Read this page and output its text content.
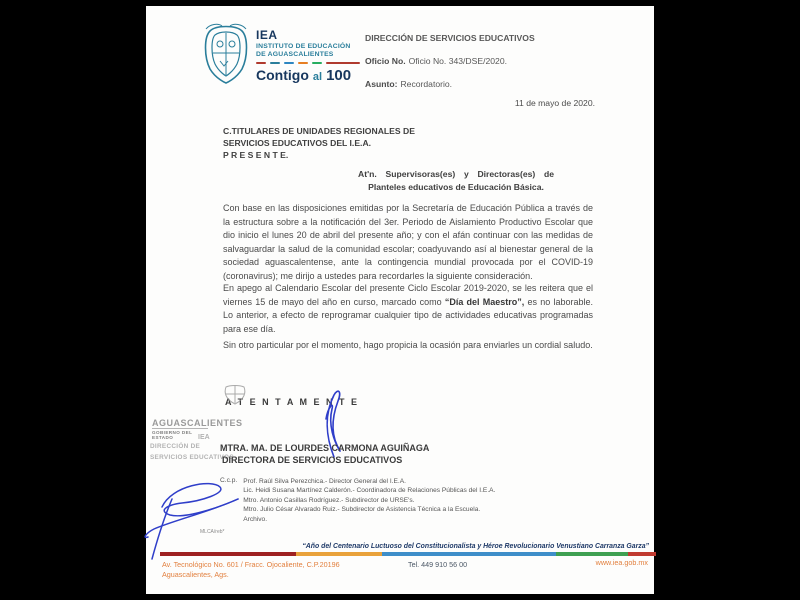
IEA
INSTITUTO DE EDUCACIÓN
DE AGUASCALIENTES
Contigo al 100
DIRECCIÓN DE SERVICIOS EDUCATIVOS
Oficio No. Oficio No. 343/DSE/2020.
Asunto: Recordatorio.
11 de mayo de 2020.
C.TITULARES DE UNIDADES REGIONALES DE
SERVICIOS EDUCATIVOS DEL I.E.A.
P R E S E N T E.
At'n. Supervisoras(es) y Directoras(es) de
Planteles educativos de Educación Básica.
Con base en las disposiciones emitidas por la Secretaría de Educación Pública a través de la estructura sobre a la notificación del 3er. Periodo de Aislamiento Productivo Escolar que dio inicio el lunes 20 de abril del presente año; y con el afán continuar con las medidas de salvaguardar la salud de la comunidad escolar; coadyuvando así al bienestar general de la sociedad aguascalentense, ante la contingencia mundial provocada por el COVID-19 (coronavirus); me dirijo a ustedes para recordarles la siguiente consideración.
En apego al Calendario Escolar del presente Ciclo Escolar 2019-2020, se les reitera que el viernes 15 de mayo del año en curso, marcado como “Día del Maestro”, es no laborable. Lo anterior, a efecto de reprogramar cualquier tipo de actividades educativas programadas para ese día.
Sin otro particular por el momento, hago propicia la ocasión para enviarles un cordial saludo.
A T E N T A M E N T E
AGUASCALIENTES
GOBIERNO DEL ESTADO	IEA
DIRECCIÓN DE
SERVICIOS EDUCATIVOS
MTRA. MA. DE LOURDES CARMONA AGUIÑAGA
DIRECTORA DE SERVICIOS EDUCATIVOS
C.c.p. Prof. Raúl Silva Perezchica.- Director General del I.E.A.
Lic. Heidi Susana Martínez Calderón.- Coordinadora de Relaciones Públicas del I.E.A.
Mtro. Antonio Casillas Rodríguez.- Subdirector de URSE's.
Mtro. Julio César Alvarado Ruiz.- Subdirector de Asistencia Técnica a la Escuela.
Archivo.
MLCA/reb*
“Año del Centenario Luctuoso del Constitucionalista y Héroe Revolucionario Venustiano Carranza Garza”
Av. Tecnológico No. 601 / Fracc. Ojocaliente, C.P.20196
Aguascalientes, Ags.
Tel. 449 910 56 00	www.iea.gob.mx
